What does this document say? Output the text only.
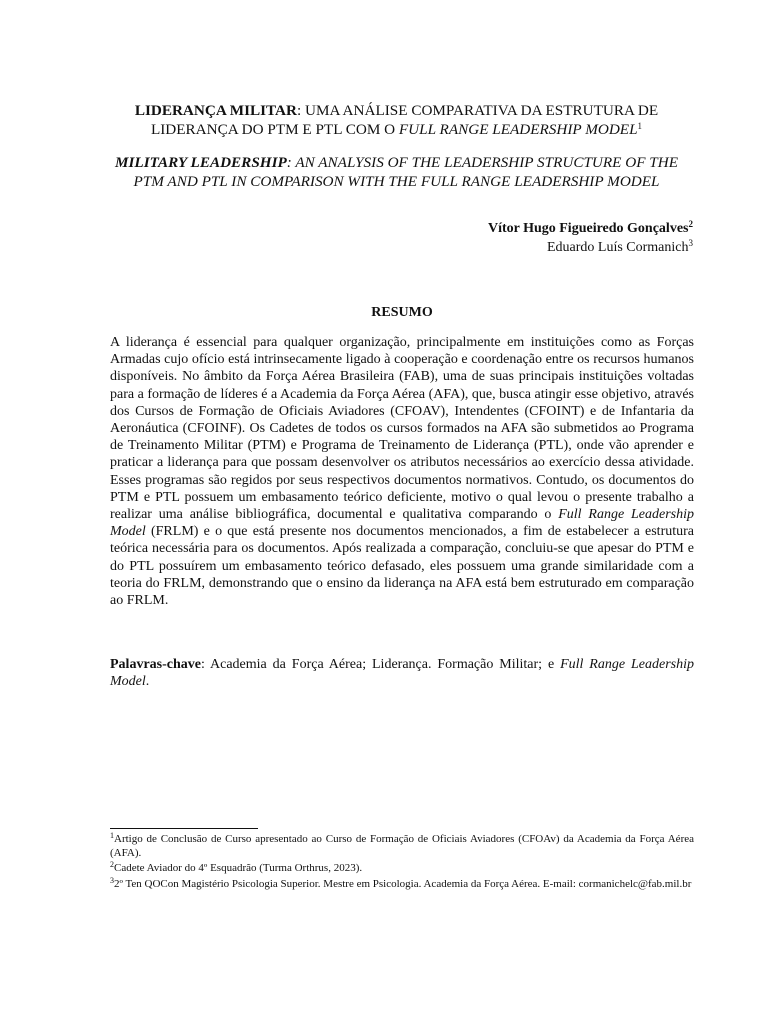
LIDERANÇA MILITAR: UMA ANÁLISE COMPARATIVA DA ESTRUTURA DE LIDERANÇA DO PTM E PTL COM O FULL RANGE LEADERSHIP MODEL$^1$

MILITARY LEADERSHIP: AN ANALYSIS OF THE LEADERSHIP STRUCTURE OF THE PTM AND PTL IN COMPARISON WITH THE FULL RANGE LEADERSHIP MODEL

Vítor Hugo Figueiredo Gonçalves$^2$
Eduardo Luís Cormanich$^3$
RESUMO

A liderança é essencial para qualquer organização, principalmente em instituições como as Forças Armadas cujo ofício está intrinsecamente ligado à cooperação e coordenação entre os recursos humanos disponíveis. No âmbito da Força Aérea Brasileira (FAB), uma de suas principais instituições voltadas para a formação de líderes é a Academia da Força Aérea (AFA), que, busca atingir esse objetivo, através dos Cursos de Formação de Oficiais Aviadores (CFOAV), Intendentes (CFOINT) e de Infantaria da Aeronáutica (CFOINF). Os Cadetes de todos os cursos formados na AFA são submetidos ao Programa de Treinamento Militar (PTM) e Programa de Treinamento de Liderança (PTL), onde vão aprender e praticar a liderança para que possam desenvolver os atributos necessários ao exercício dessa atividade. Esses programas são regidos por seus respectivos documentos normativos. Contudo, os documentos do PTM e PTL possuem um embasamento teórico deficiente, motivo o qual levou o presente trabalho a realizar uma análise bibliográfica, documental e qualitativa comparando o Full Range Leadership Model (FRLM) e o que está presente nos documentos mencionados, a fim de estabelecer a estrutura teórica necessária para os documentos. Após realizada a comparação, concluiu-se que apesar do PTM e do PTL possuírem um embasamento teórico defasado, eles possuem uma grande similaridade com a teoria do FRLM, demonstrando que o ensino da liderança na AFA está bem estruturado em comparação ao FRLM.

Palavras-chave: Academia da Força Aérea; Liderança. Formação Militar; e Full Range Leadership Model.

$^1$Artigo de Conclusão de Curso apresentado ao Curso de Formação de Oficiais Aviadores (CFOAv) da Academia da Força Aérea (AFA).

$^2$Cadete Aviador do 4º Esquadrão (Turma Orthrus, 2023).

$^3$2º Ten QOCon Magistério Psicologia Superior. Mestre em Psicologia. Academia da Força Aérea. E-mail: cormanichelc@fab.mil.br
